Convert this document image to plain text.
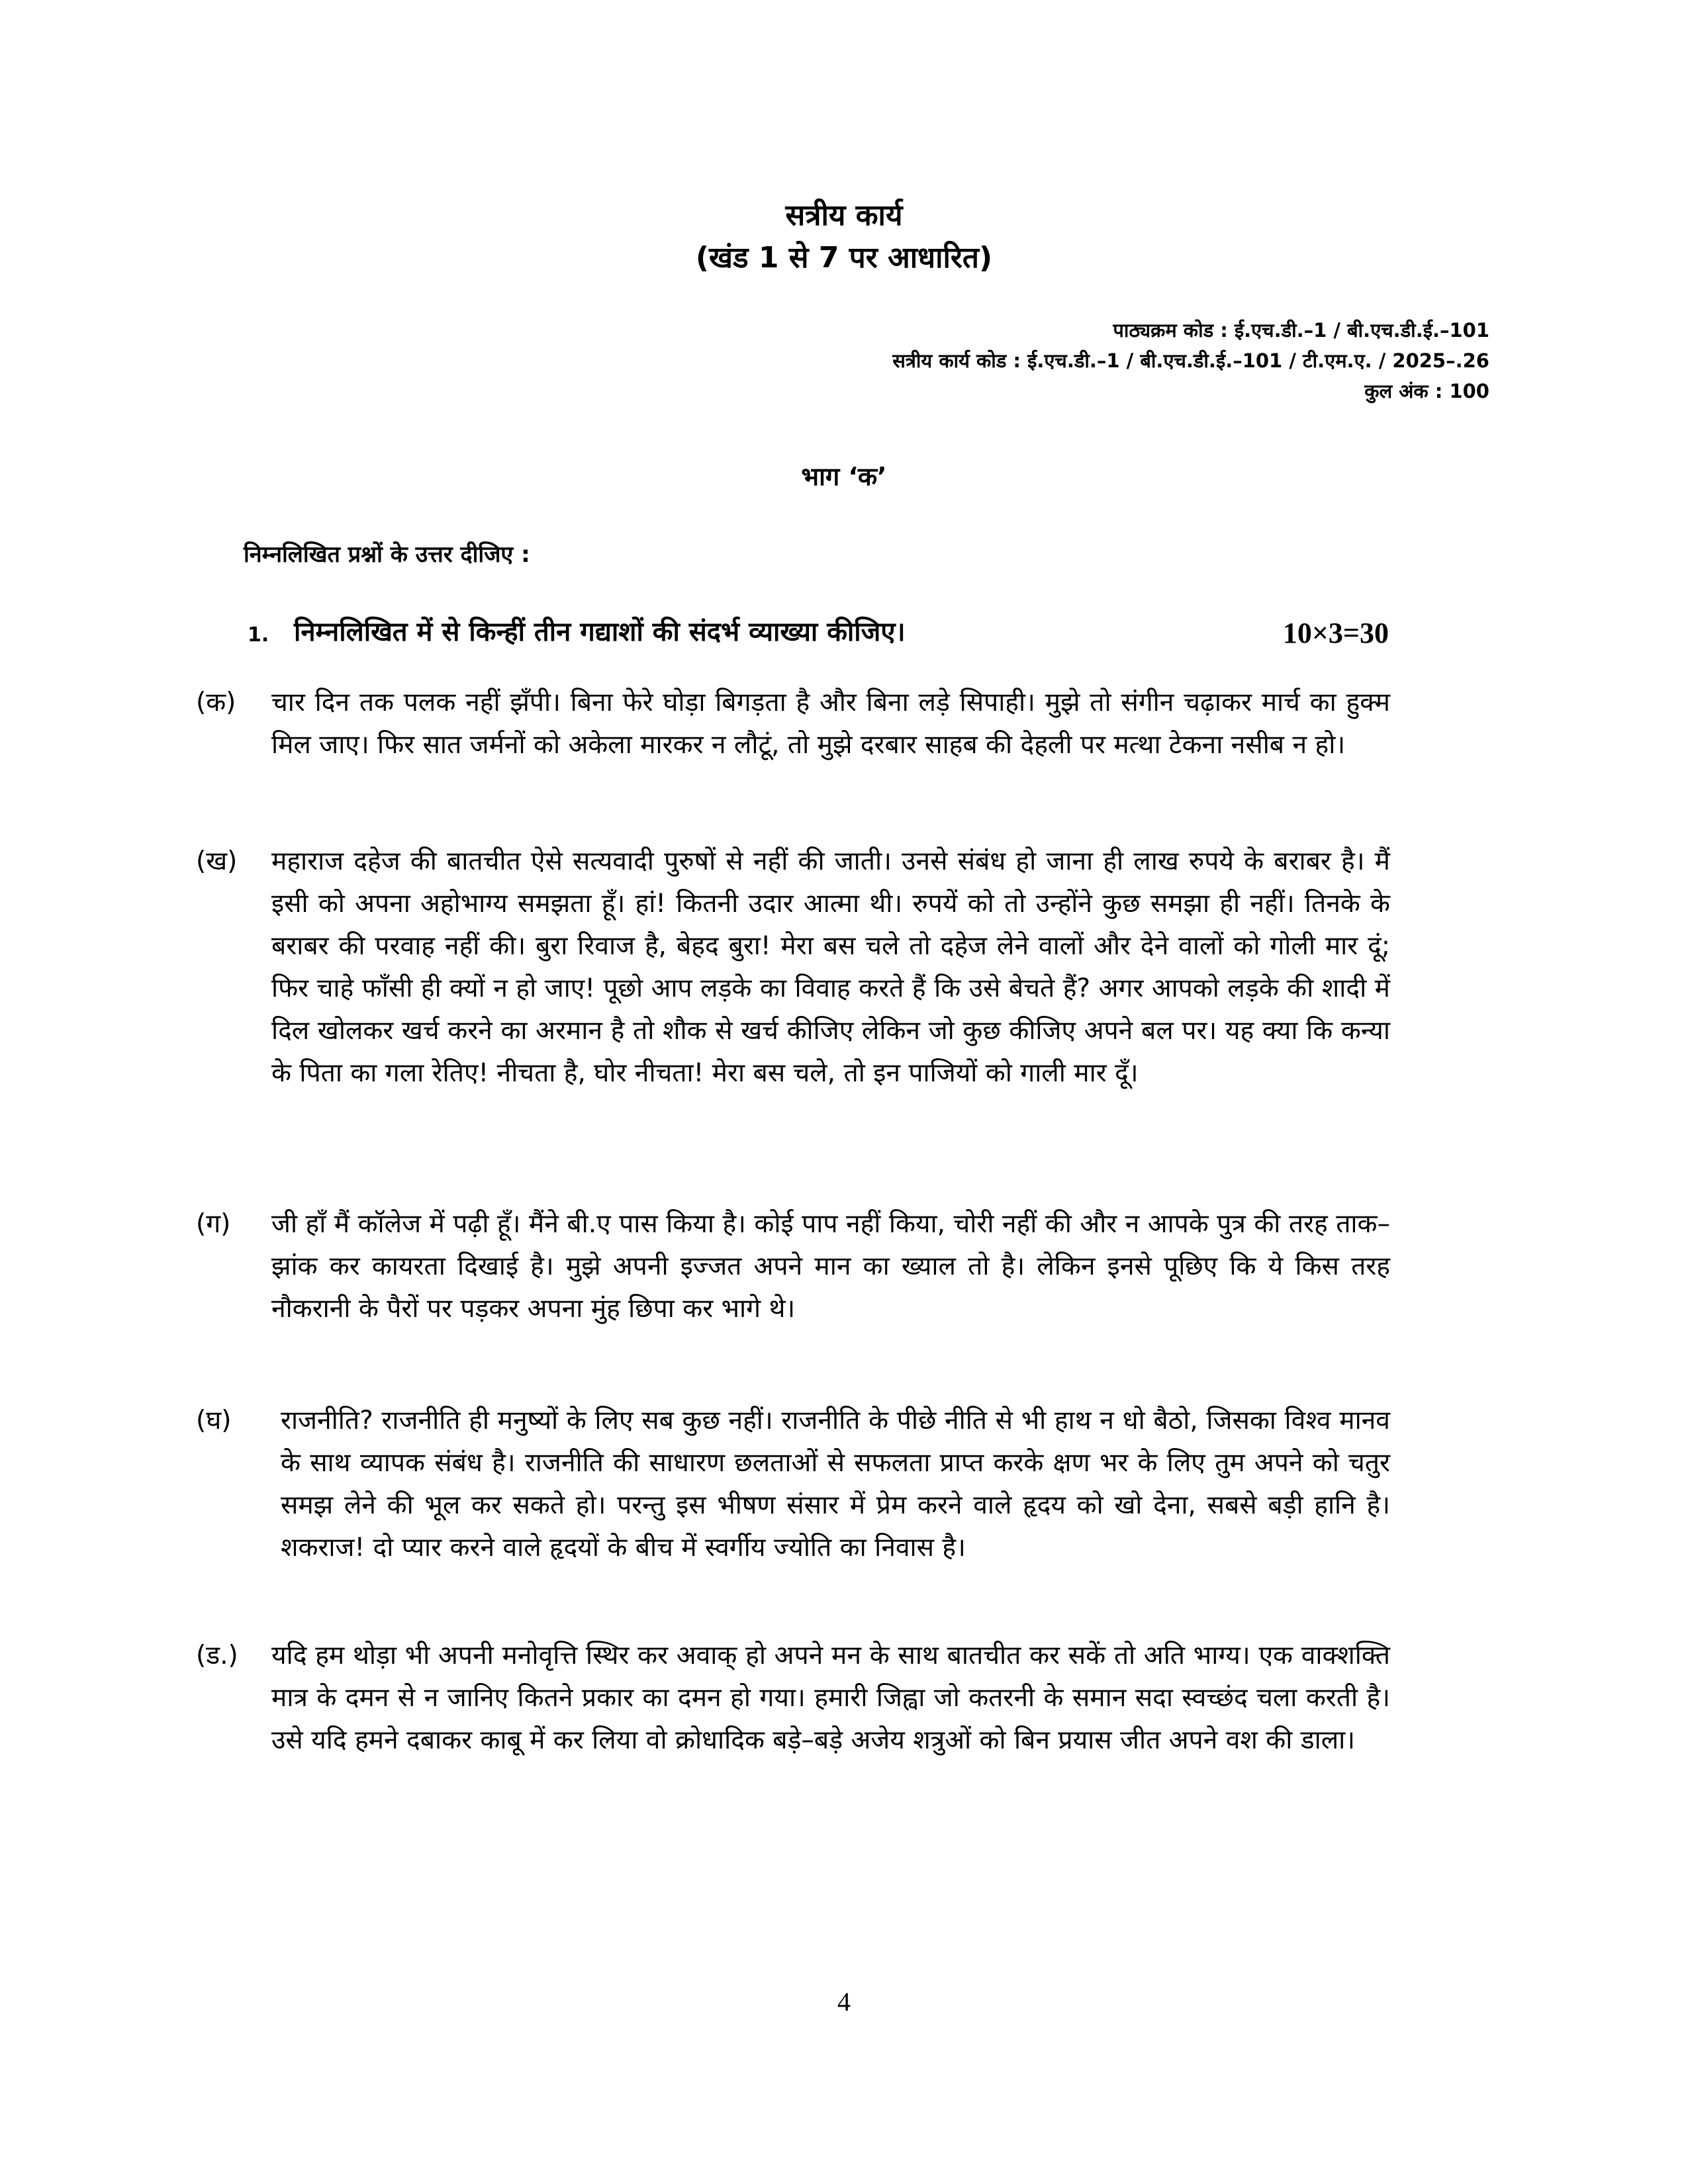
सत्रीय कार्य
(खंड 1 से 7 पर आधारित)
पाठ्यक्रम कोड : ई.एच.डी.–1 / बी.एच.डी.ई.–101
सत्रीय कार्य कोड : ई.एच.डी.–1 / बी.एच.डी.ई.–101 / टी.एम.ए. / 2025–.26
कुल अंक : 100
भाग ‘क’
निम्नलिखित प्रश्नों के उत्तर दीजिए :
1. निम्नलिखित में से किन्हीं तीन गद्याशों की संदर्भ व्याख्या कीजिए।	10×3=30
(क) चार दिन तक पलक नहीं झँपी। बिना फेरे घोड़ा बिगड़ता है और बिना लड़े सिपाही। मुझे तो संगीन चढ़ाकर मार्च का हुक्म मिल जाए। फिर सात जर्मनों को अकेला मारकर न लौटूं, तो मुझे दरबार साहब की देहली पर मत्था टेकना नसीब न हो।
(ख) महाराज दहेज की बातचीत ऐसे सत्यवादी पुरुषों से नहीं की जाती। उनसे संबंध हो जाना ही लाख रुपये के बराबर है। मैं इसी को अपना अहोभाग्य समझता हूँ। हां! कितनी उदार आत्मा थी। रुपयें को तो उन्होंने कुछ समझा ही नहीं। तिनके के बराबर की परवाह नहीं की। बुरा रिवाज है, बेहद बुरा! मेरा बस चले तो दहेज लेने वालों और देने वालों को गोली मार दूं; फिर चाहे फाँसी ही क्यों न हो जाए! पूछो आप लड़के का विवाह करते हैं कि उसे बेचते हैं? अगर आपको लड़के की शादी में दिल खोलकर खर्च करने का अरमान है तो शौक से खर्च कीजिए लेकिन जो कुछ कीजिए अपने बल पर। यह क्या कि कन्या के पिता का गला रेतिए! नीचता है, घोर नीचता! मेरा बस चले, तो इन पाजियों को गाली मार दूँ।
(ग) जी हाँ मैं कॉलेज में पढ़ी हूँ। मैंने बी.ए पास किया है। कोई पाप नहीं किया, चोरी नहीं की और न आपके पुत्र की तरह ताक–झांक कर कायरता दिखाई है। मुझे अपनी इज्जत अपने मान का ख्याल तो है। लेकिन इनसे पूछिए कि ये किस तरह नौकरानी के पैरों पर पड़कर अपना मुंह छिपा कर भागे थे।
(घ) राजनीति? राजनीति ही मनुष्यों के लिए सब कुछ नहीं। राजनीति के पीछे नीति से भी हाथ न धो बैठो, जिसका विश्व मानव के साथ व्यापक संबंध है। राजनीति की साधारण छलताओं से सफलता प्राप्त करके क्षण भर के लिए तुम अपने को चतुर समझ लेने की भूल कर सकते हो। परन्तु इस भीषण संसार में प्रेम करने वाले हृदय को खो देना, सबसे बड़ी हानि है। शकराज! दो प्यार करने वाले हृदयों के बीच में स्वर्गीय ज्योति का निवास है।
(ड.) यदि हम थोड़ा भी अपनी मनोवृत्ति स्थिर कर अवाक् हो अपने मन के साथ बातचीत कर सकें तो अति भाग्य। एक वाक्शक्ति मात्र के दमन से न जानिए कितने प्रकार का दमन हो गया। हमारी जिह्वा जो कतरनी के समान सदा स्वच्छंद चला करती है। उसे यदि हमने दबाकर काबू में कर लिया वो क्रोधादिक बड़े–बड़े अजेय शत्रुओं को बिन प्रयास जीत अपने वश की डाला।
4
